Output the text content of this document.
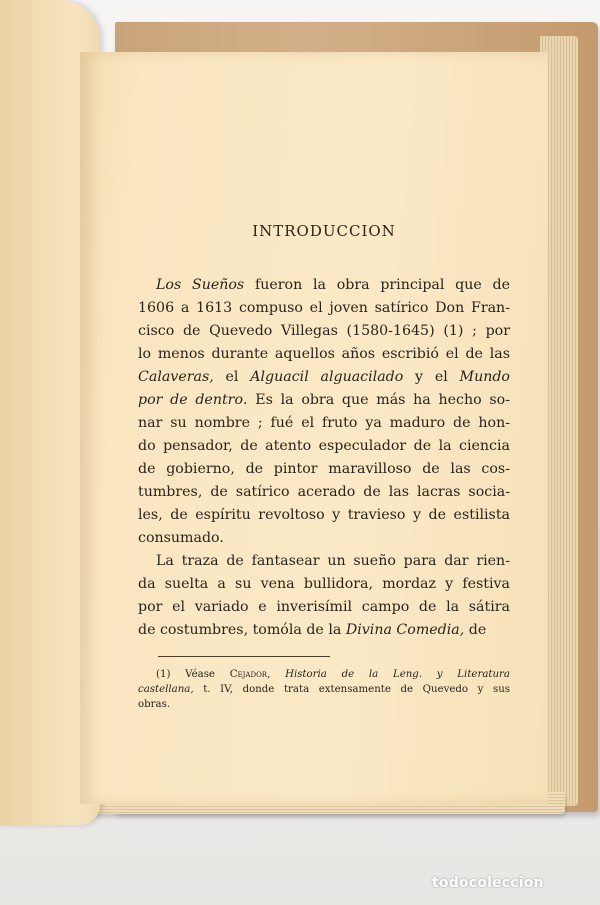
INTRODUCCION

Los Sueños fueron la obra principal que de

1606 a 1613 compuso el joven satírico Don Fran-

cisco de Quevedo Villegas (1580-1645) (1) ; por

lo menos durante aquellos años escribió el de las

Calaveras, el Alguacil alguacilado y el Mundo

por de dentro. Es la obra que más ha hecho so-

nar su nombre ; fué el fruto ya maduro de hon-

do pensador, de atento especulador de la ciencia

de gobierno, de pintor maravilloso de las cos-

tumbres, de satírico acerado de las lacras socia-

les, de espíritu revoltoso y travieso y de estilista

consumado.

La traza de fantasear un sueño para dar rien-

da suelta a su vena bullidora, mordaz y festiva

por el variado e inverisímil campo de la sátira

de costumbres, tomóla de la Divina Comedia, de

(1) Véase Cejador, Historia de la Leng. y Literatura

castellana, t. IV, donde trata extensamente de Quevedo y sus

obras.

todocoleccion
